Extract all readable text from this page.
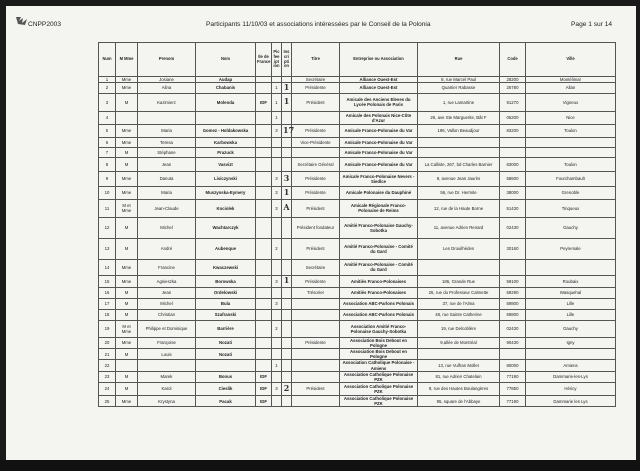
CNPP2003	Participants 11/10/03 et associations intéressées par le Conseil de la Polonia	Page 1 sur 14
Num	M Mme	Prenom	Nom	Ile de France	Pic fee ipt ion	Ins cri pti on	Titre	Entreprise ou Association	Rue	Code	Ville
1	Mme	Josiane	Audap				Secrétaire	Alliance Ouest-Est	8, rue Marcel Paul	28200	Montélimar
2	Mme	Alina	Chabanis		1	1	Présidente	Alliance Ouest-Est	Quartier Rabasse	26780	Allan
3	M	Kazimierz	Molenda	IDF	1	1	Président	Amicale des Anciens Eleves du Lycée Polonais de Paris	1, rue Lamartine	91270	Vigneux
4					1			Amicale des Polonais Nice-Côte d'Azur	26, ave Ste Marguerite, Bât F	06200	Nice
5	Mme	Maria	Gomez - Holdakowska		3	17	Présidente	Amicale Franco-Polonaise du Var	196, Vallon Beaudjour	83200	Toulon
6	Mme	Teresa	Karbowska				Vice-Présidente	Amicale Franco-Polonaise du Var			
7	M	Stéphane	Prazuck					Amicale Franco-Polonaise du Var			
8	M	Jean	Vasvizt				Secrétaire Général	Amicale Franco-Polonaise du Var	La Calliste, 267, bd Charles Barnier	83000	Toulon
9	Mme	Danuta	Lisiczynski		3	3	Présidente	Amicale Franco-Polonaise Nevers - Siedlce	9, avenue Jean Jaurès	58600	Fourchambault
10	Mme	Maria	Muszynska-Eymery		3	1	Présidente	Amicale Polonaise du Dauphiné	56, rue Dr. Hermite	38000	Grenoble
11	M et Mme	Jean-Claude	Kociolek		3	A	Président	Amicale Régionale Franco-Polonaise de Reims	12, rue de la Haute Borne	51430	Tinqueux
12	M	Michel	Wachtarczyk				Président fondateur	Amitié Franco-Polonaise Gauchy-Sobotka	11, avenue Adrien Renard	02430	Gauchy
13	M	André	Aubenque		2		Président	Amitié Franco-Polonaise - Comité du Gard	Les Drouilhèdes	30160	Peyremale
14	Mme	Francine	Kwaczewski				Secrétaire	Amitié Franco-Polonaise - Comité du Gard			
15	Mme	Agnieszka	Borowska		3	1	Présidente	Amitiés Franco-Polonaises	186, Grande Rue	59100	Roubaix
16	M	Jean	Ordelowski				Trésorier	Amitiés Franco-Polonaises	26, rue du Professeur Calmette	59290	Wasquehal
17	M	Michel	Bula		3			Association ABC-Parlons Polonais	37, rue de l'Alma	59800	Lille
18	M	Christian	Szafranski					Association ABC-Parlons Polonais	48, rue Sainte Catherine	59800	Lille
19	M et Mme	Philippe et Dominique	Barrière		2			Association Amitié Franco-Polonaise Gauchy-Sobotka	19, rue Delcoblère	02430	Gauchy
20	Mme	Françoise	Nozati				Présidente	Association Bois Debout en Pologne	9,allée de Montréal	90430	Igny
21	M	Louis	Nozati					Association Bois Debout en Pologne			
22					1			Association Catholique Polonaise - Amiens	13, rue Vulfran Mollet	80000	Amiens
23	M	Marek	Bonus	IDF				Association Catholique Polonaise PZK	81, rue Adrien Chatelain	77190	Dammarie-les-Lys
24	M	Karol	Cieslik	IDF	3	2	Président	Association Catholique Polonaise PZK	9, rue des Hautes Boulangères	77850	Héricy
25	Mme	Krystyna	Pacak	IDF				Association Catholique Polonaise PZK	95, square de l'Abbaye	77190	Dammarie les Lys
